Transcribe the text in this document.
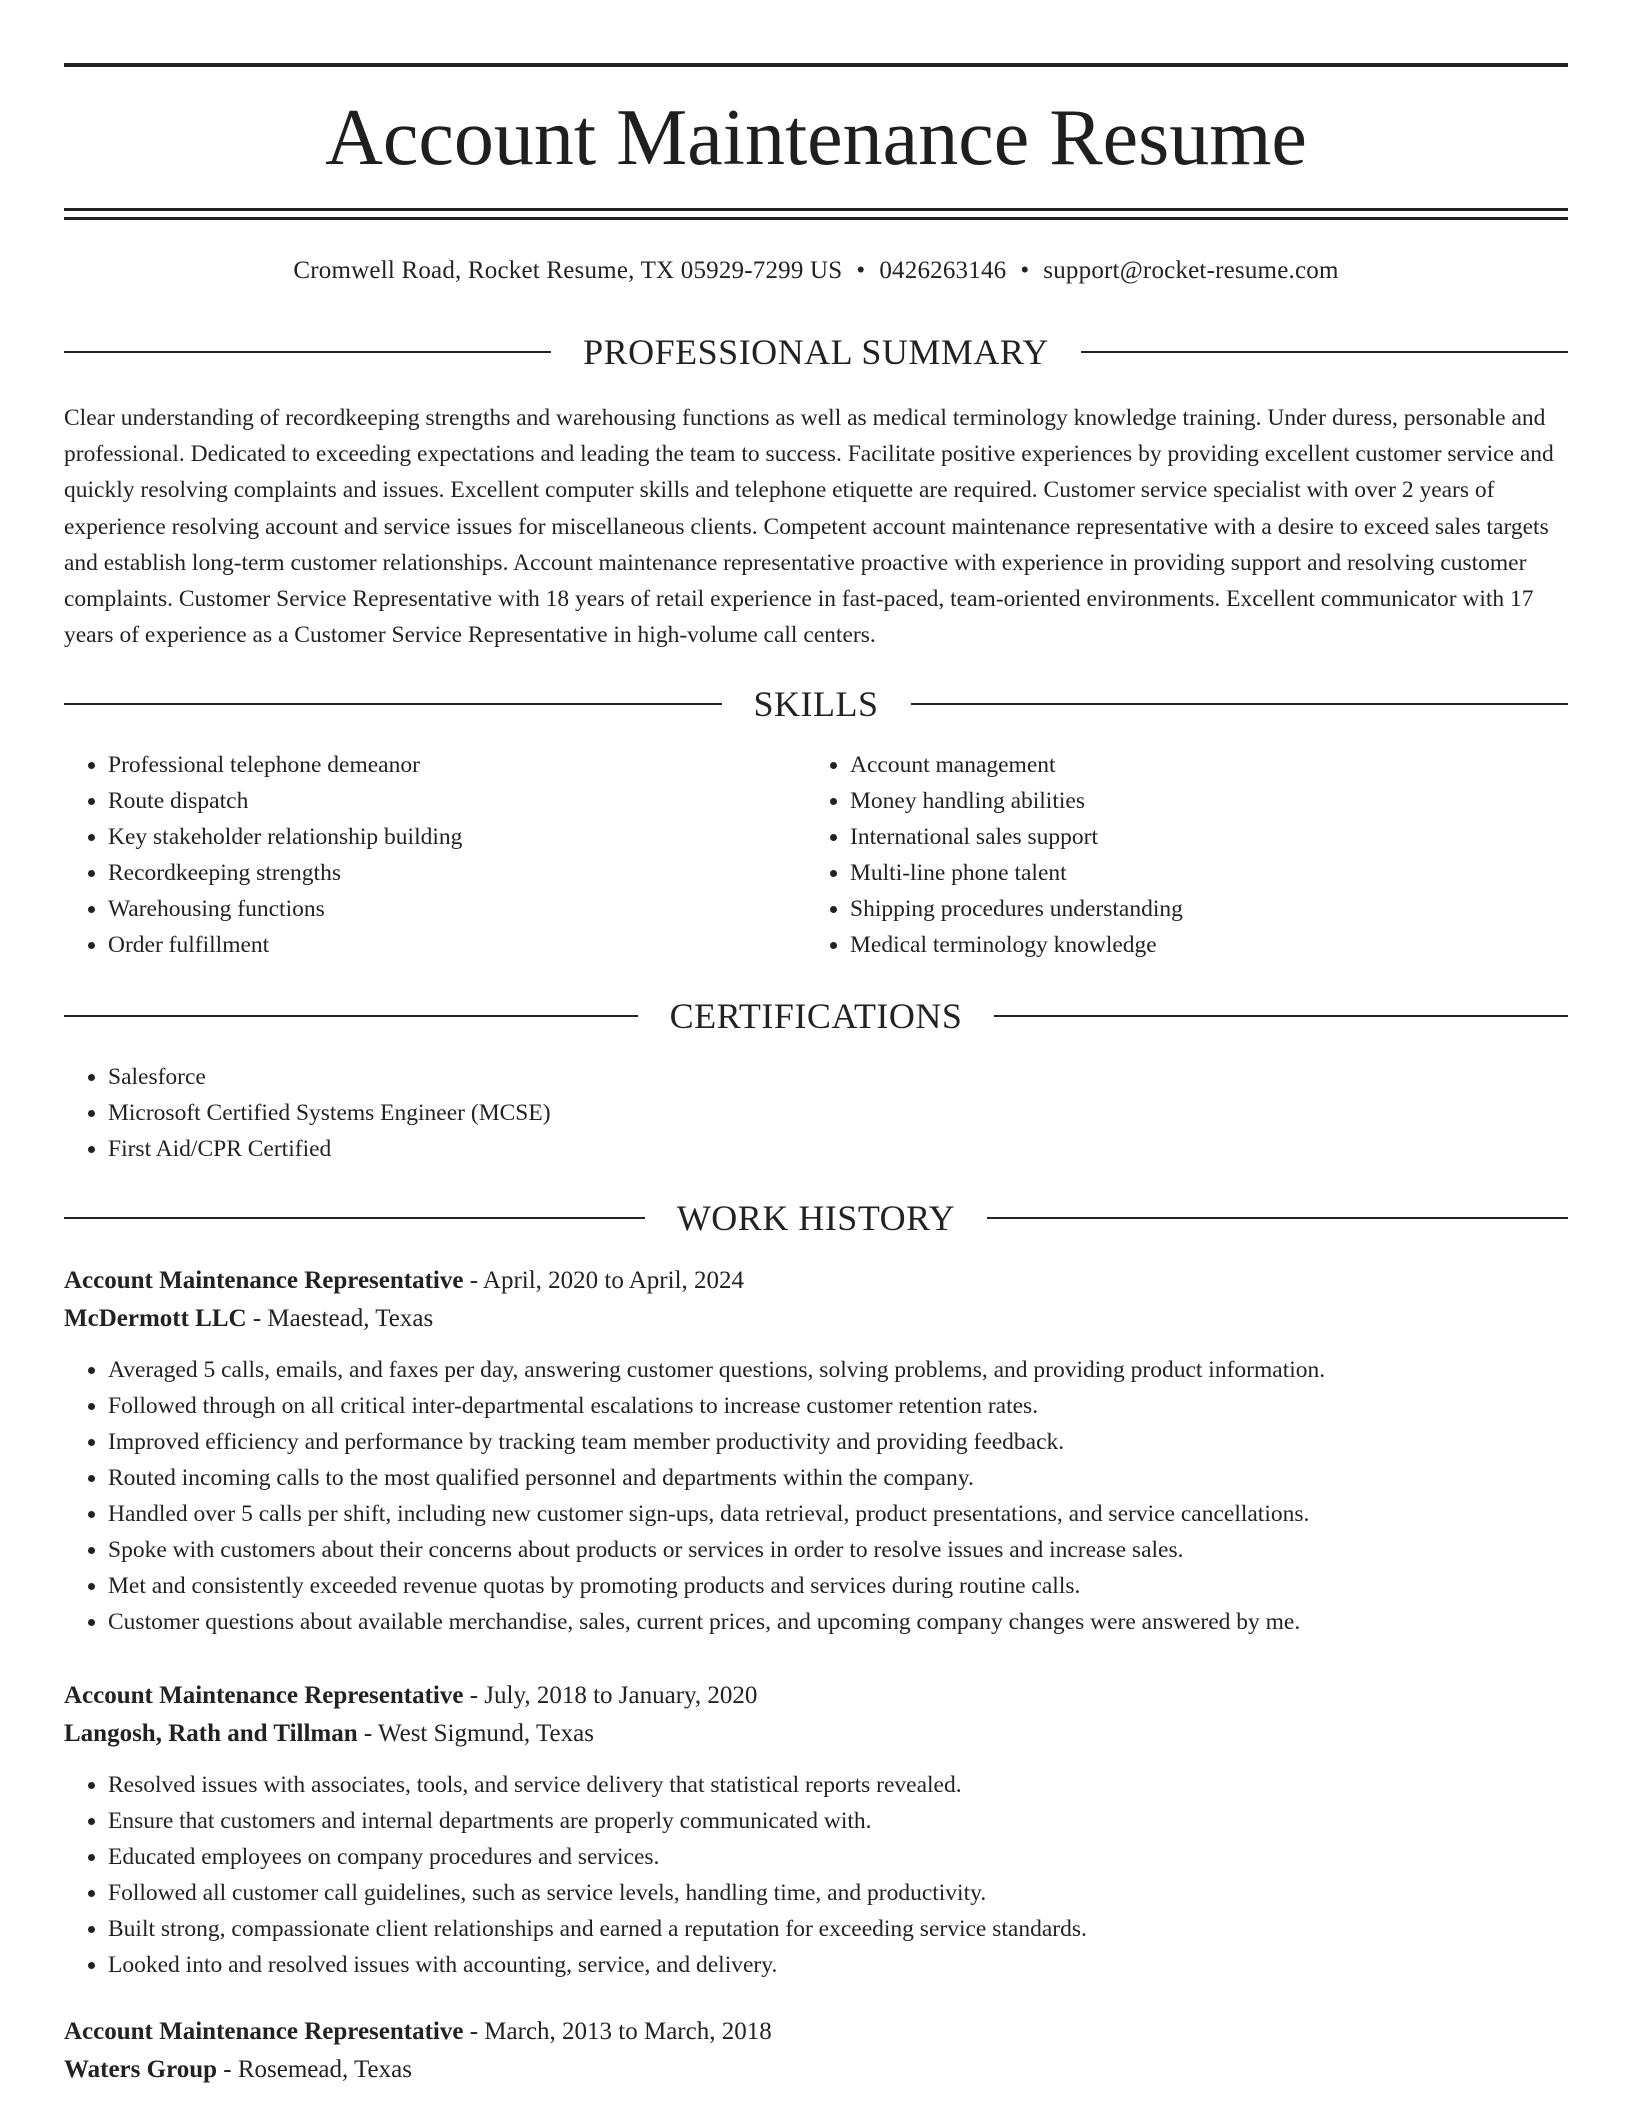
Account Maintenance Resume
Cromwell Road, Rocket Resume, TX 05929-7299 US • 0426263146 • support@rocket-resume.com
PROFESSIONAL SUMMARY

Clear understanding of recordkeeping strengths and warehousing functions as well as medical terminology knowledge training. Under duress, personable and professional. Dedicated to exceeding expectations and leading the team to success. Facilitate positive experiences by providing excellent customer service and quickly resolving complaints and issues. Excellent computer skills and telephone etiquette are required. Customer service specialist with over 2 years of experience resolving account and service issues for miscellaneous clients. Competent account maintenance representative with a desire to exceed sales targets and establish long-term customer relationships. Account maintenance representative proactive with experience in providing support and resolving customer complaints. Customer Service Representative with 18 years of retail experience in fast-paced, team-oriented environments. Excellent communicator with 17 years of experience as a Customer Service Representative in high-volume call centers.

SKILLS
• Professional telephone demeanor
• Route dispatch
• Key stakeholder relationship building
• Recordkeeping strengths
• Warehousing functions
• Order fulfillment
• Account management
• Money handling abilities
• International sales support
• Multi-line phone talent
• Shipping procedures understanding
• Medical terminology knowledge
CERTIFICATIONS
• Salesforce
• Microsoft Certified Systems Engineer (MCSE)
• First Aid/CPR Certified
WORK HISTORY
Account Maintenance Representative - April, 2020 to April, 2024
McDermott LLC - Maestead, Texas
• Averaged 5 calls, emails, and faxes per day, answering customer questions, solving problems, and providing product information.
• Followed through on all critical inter-departmental escalations to increase customer retention rates.
• Improved efficiency and performance by tracking team member productivity and providing feedback.
• Routed incoming calls to the most qualified personnel and departments within the company.
• Handled over 5 calls per shift, including new customer sign-ups, data retrieval, product presentations, and service cancellations.
• Spoke with customers about their concerns about products or services in order to resolve issues and increase sales.
• Met and consistently exceeded revenue quotas by promoting products and services during routine calls.
• Customer questions about available merchandise, sales, current prices, and upcoming company changes were answered by me.
Account Maintenance Representative - July, 2018 to January, 2020
Langosh, Rath and Tillman - West Sigmund, Texas
• Resolved issues with associates, tools, and service delivery that statistical reports revealed.
• Ensure that customers and internal departments are properly communicated with.
• Educated employees on company procedures and services.
• Followed all customer call guidelines, such as service levels, handling time, and productivity.
• Built strong, compassionate client relationships and earned a reputation for exceeding service standards.
• Looked into and resolved issues with accounting, service, and delivery.
Account Maintenance Representative - March, 2013 to March, 2018
Waters Group - Rosemead, Texas
